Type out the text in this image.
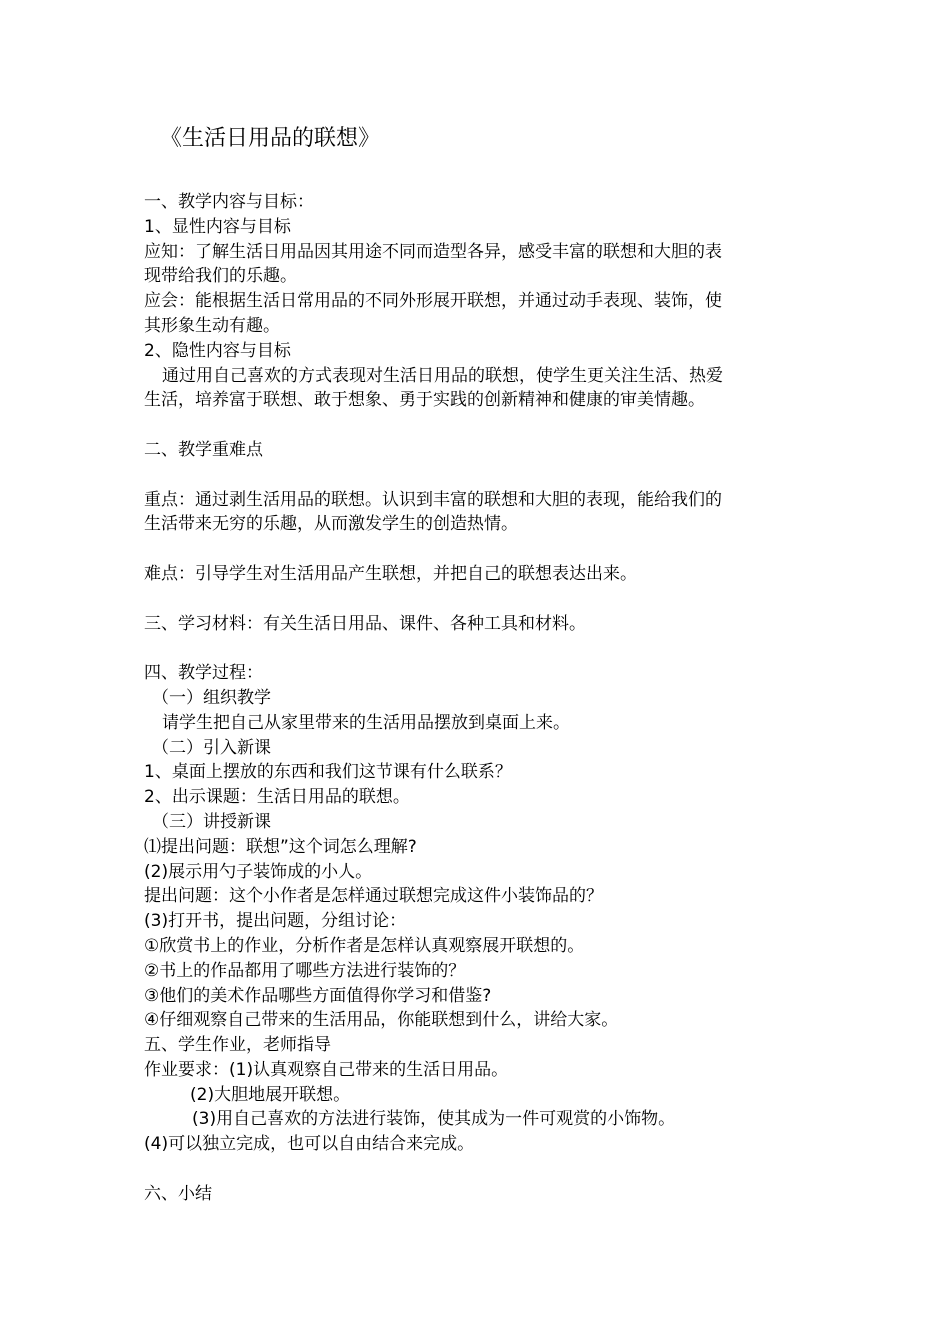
《生活日用品的联想》
一、教学内容与目标：
1、显性内容与目标
应知：了解生活日用品因其用途不同而造型各异，感受丰富的联想和大胆的表
现带给我们的乐趣。
应会：能根据生活日常用品的不同外形展开联想，并通过动手表现、装饰，使
其形象生动有趣。
2、隐性内容与目标
通过用自己喜欢的方式表现对生活日用品的联想，使学生更关注生活、热爱
生活，培养富于联想、敢于想象、勇于实践的创新精神和健康的审美情趣。
二、教学重难点
重点：通过剥生活用品的联想。认识到丰富的联想和大胆的表现，能给我们的
生活带来无穷的乐趣，从而激发学生的创造热情。
难点：引导学生对生活用品产生联想，并把自己的联想表达出来。
三、学习材料：有关生活日用品、课件、各种工具和材料。
四、教学过程：
（一）组织教学
请学生把自己从家里带来的生活用品摆放到桌面上来。
（二）引入新课
1、桌面上摆放的东西和我们这节课有什么联系？
2、出示课题：生活日用品的联想。
（三）讲授新课
⑴提出问题：联想”这个词怎么理解?
(2)展示用勺子装饰成的小人。
提出问题：这个小作者是怎样通过联想完成这件小装饰品的？
(3)打开书，提出问题，分组讨论：
①欣赏书上的作业，分析作者是怎样认真观察展开联想的。
②书上的作品都用了哪些方法进行装饰的？
③他们的美术作品哪些方面值得你学习和借鉴?
④仔细观察自己带来的生活用品，你能联想到什么，讲给大家。
五、学生作业，老师指导
作业要求：(1)认真观察自己带来的生活日用品。
(2)大胆地展开联想。
(3)用自己喜欢的方法进行装饰，使其成为一件可观赏的小饰物。
(4)可以独立完成，也可以自由结合来完成。
六、小结
